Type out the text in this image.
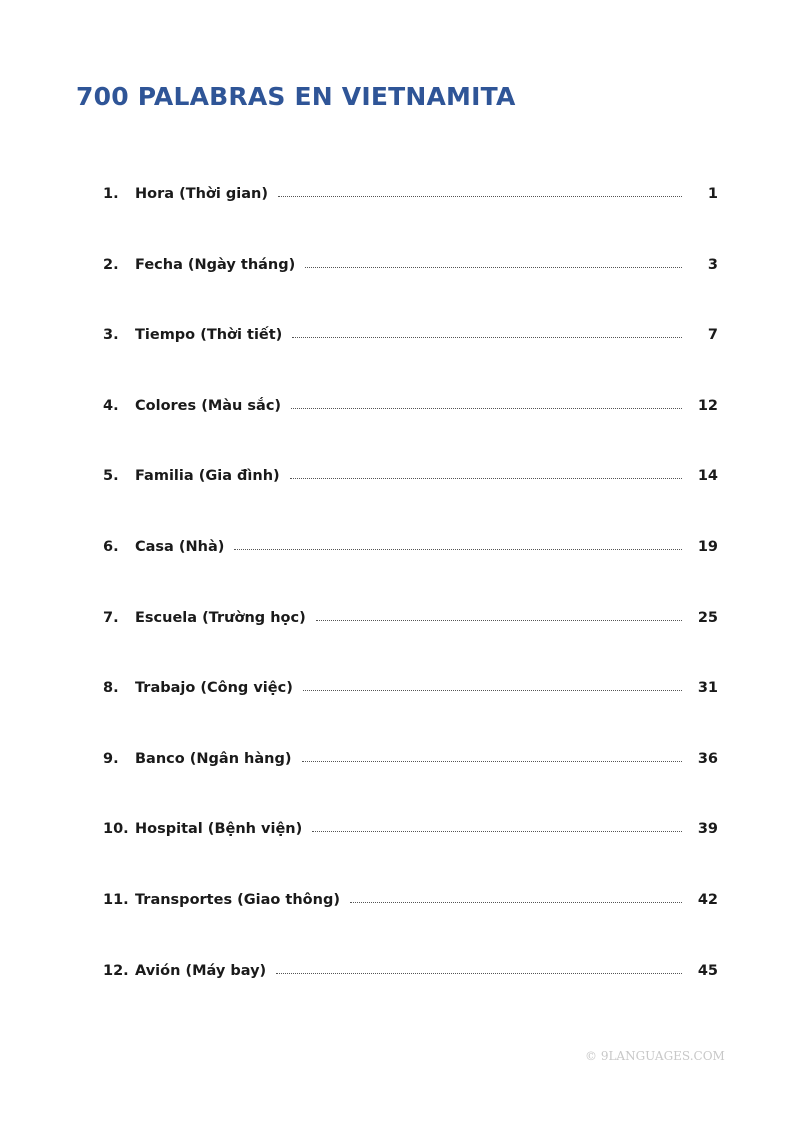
700 PALABRAS EN VIETNAMITA
1.	Hora (Thời gian)	1
2.	Fecha (Ngày tháng)	3
3.	Tiempo (Thời tiết)	7
4.	Colores (Màu sắc)	12
5.	Familia (Gia đình)	14
6.	Casa (Nhà)	19
7.	Escuela (Trường học)	25
8.	Trabajo (Công việc)	31
9.	Banco (Ngân hàng)	36
10. Hospital (Bệnh viện)	39
11. Transportes (Giao thông)	42
12. Avión (Máy bay)	45
© 9LANGUAGES.COM
